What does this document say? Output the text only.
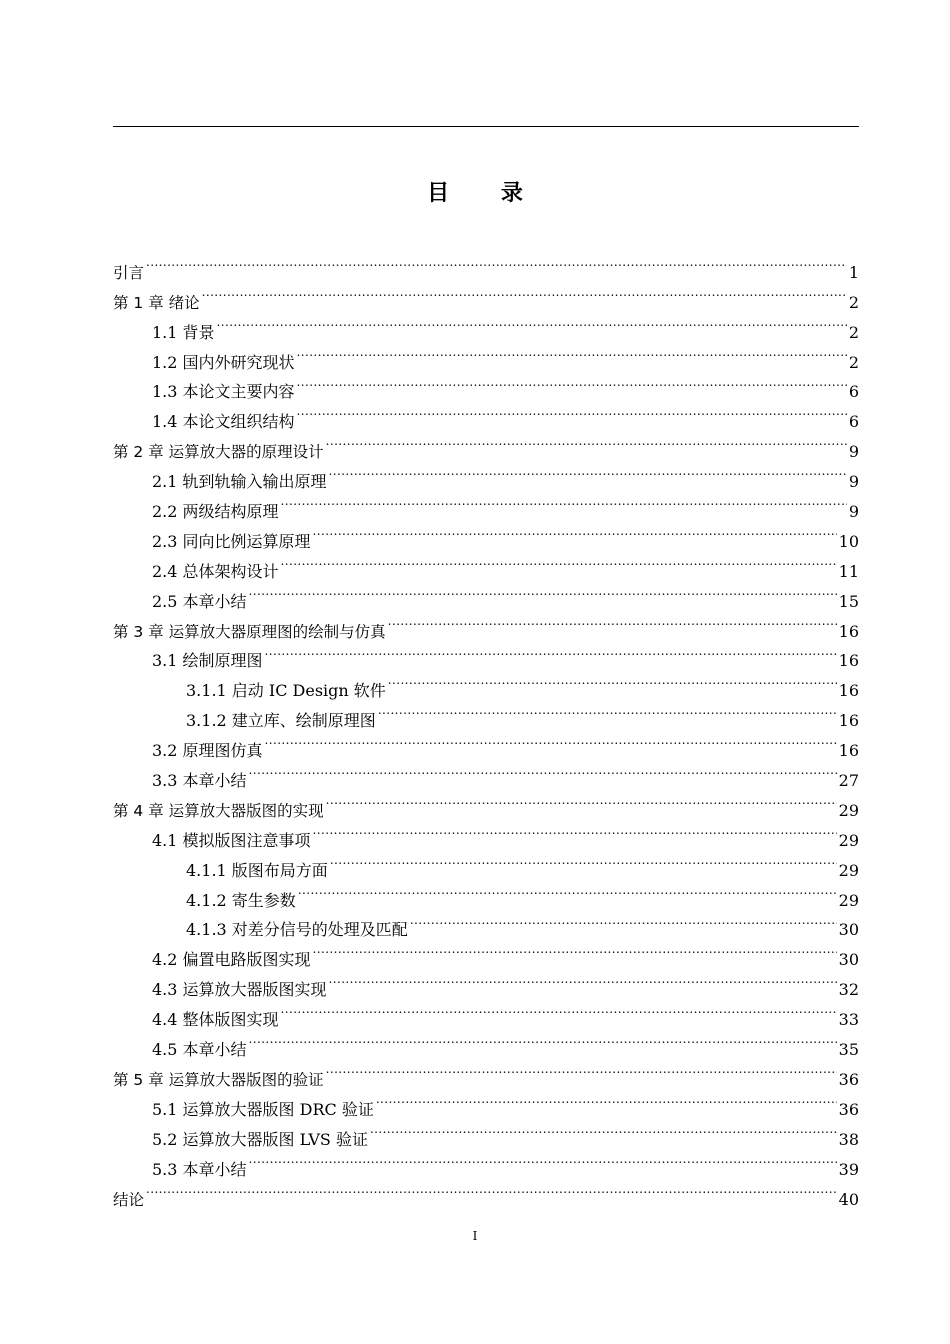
目 录
引言 .....	1
第 1 章 绪论 .....	2
1.1 背景 .....	2
1.2 国内外研究现状 .....	2
1.3 本论文主要内容 .....	6
1.4 本论文组织结构 .....	6
第 2 章 运算放大器的原理设计 .....	9
2.1 轨到轨输入输出原理 .....	9
2.2 两级结构原理 .....	9
2.3 同向比例运算原理 .....	10
2.4 总体架构设计 .....	11
2.5 本章小结 .....	15
第 3 章 运算放大器原理图的绘制与仿真 .....	16
3.1 绘制原理图 .....	16
3.1.1 启动 IC Design 软件 .....	16
3.1.2 建立库、绘制原理图 .....	16
3.2 原理图仿真 .....	16
3.3 本章小结 .....	27
第 4 章 运算放大器版图的实现 .....	29
4.1 模拟版图注意事项 .....	29
4.1.1 版图布局方面 .....	29
4.1.2 寄生参数 .....	29
4.1.3 对差分信号的处理及匹配 .....	30
4.2 偏置电路版图实现 .....	30
4.3 运算放大器版图实现 .....	32
4.4 整体版图实现 .....	33
4.5 本章小结 .....	35
第 5 章 运算放大器版图的验证 .....	36
5.1 运算放大器版图 DRC 验证 .....	36
5.2 运算放大器版图 LVS 验证 .....	38
5.3 本章小结 .....	39
结论 .....	40
I
